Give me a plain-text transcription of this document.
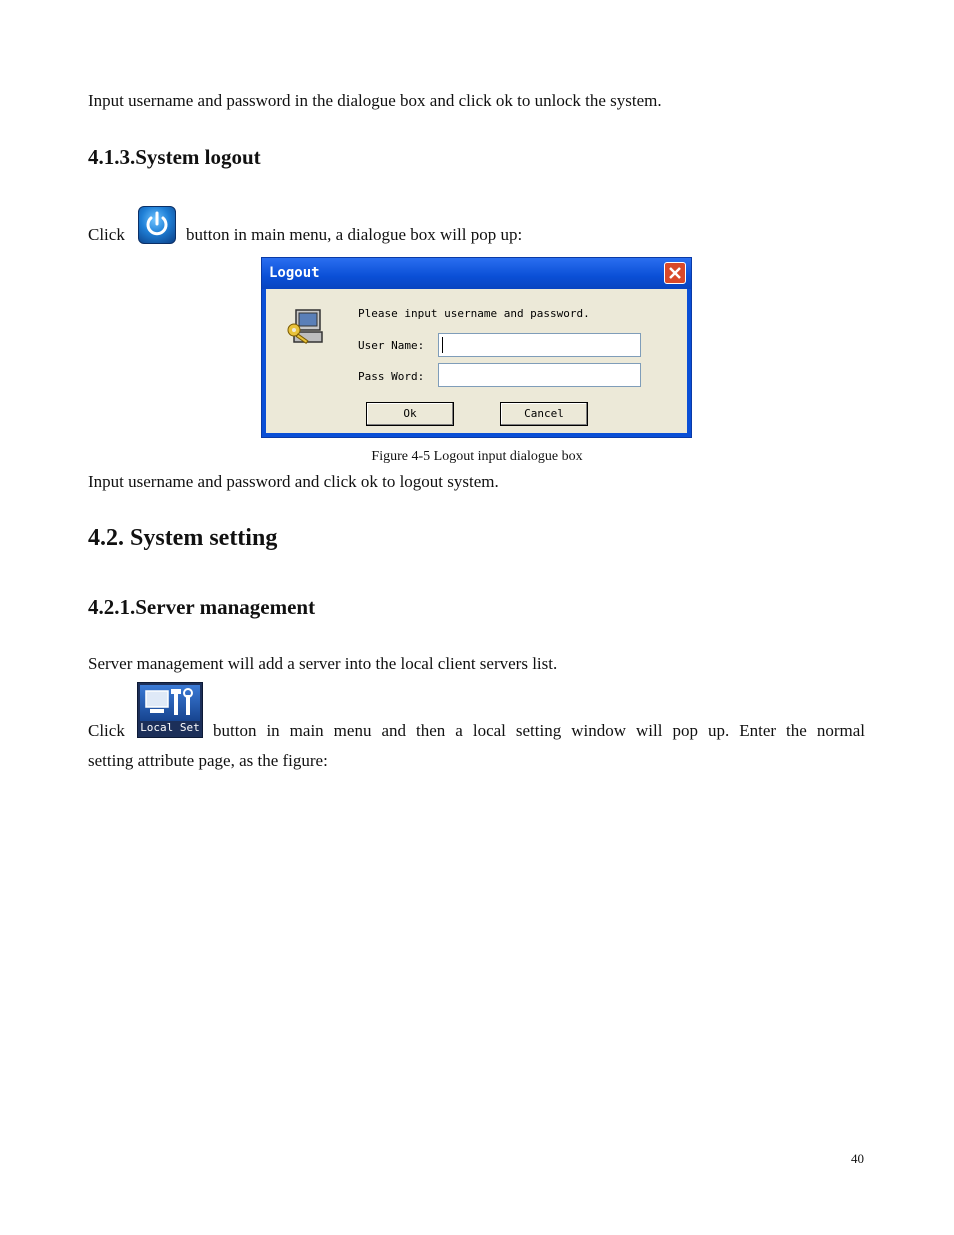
Input username and password in the dialogue box and click ok to unlock the system.
4.1.3.System logout
Click	button in main menu, a dialogue box will pop up:
Logout
Please input username and password.
User Name:
Pass Word:
Ok	Cancel
Figure 4-5 Logout input dialogue box
Input username and password and click ok to logout system.
4.2. System setting
4.2.1.Server management
Server management will add a server into the local client servers list.
Click Local Set button in main menu and then a local setting window will pop up. Enter the normal
setting attribute page, as the figure:
40
